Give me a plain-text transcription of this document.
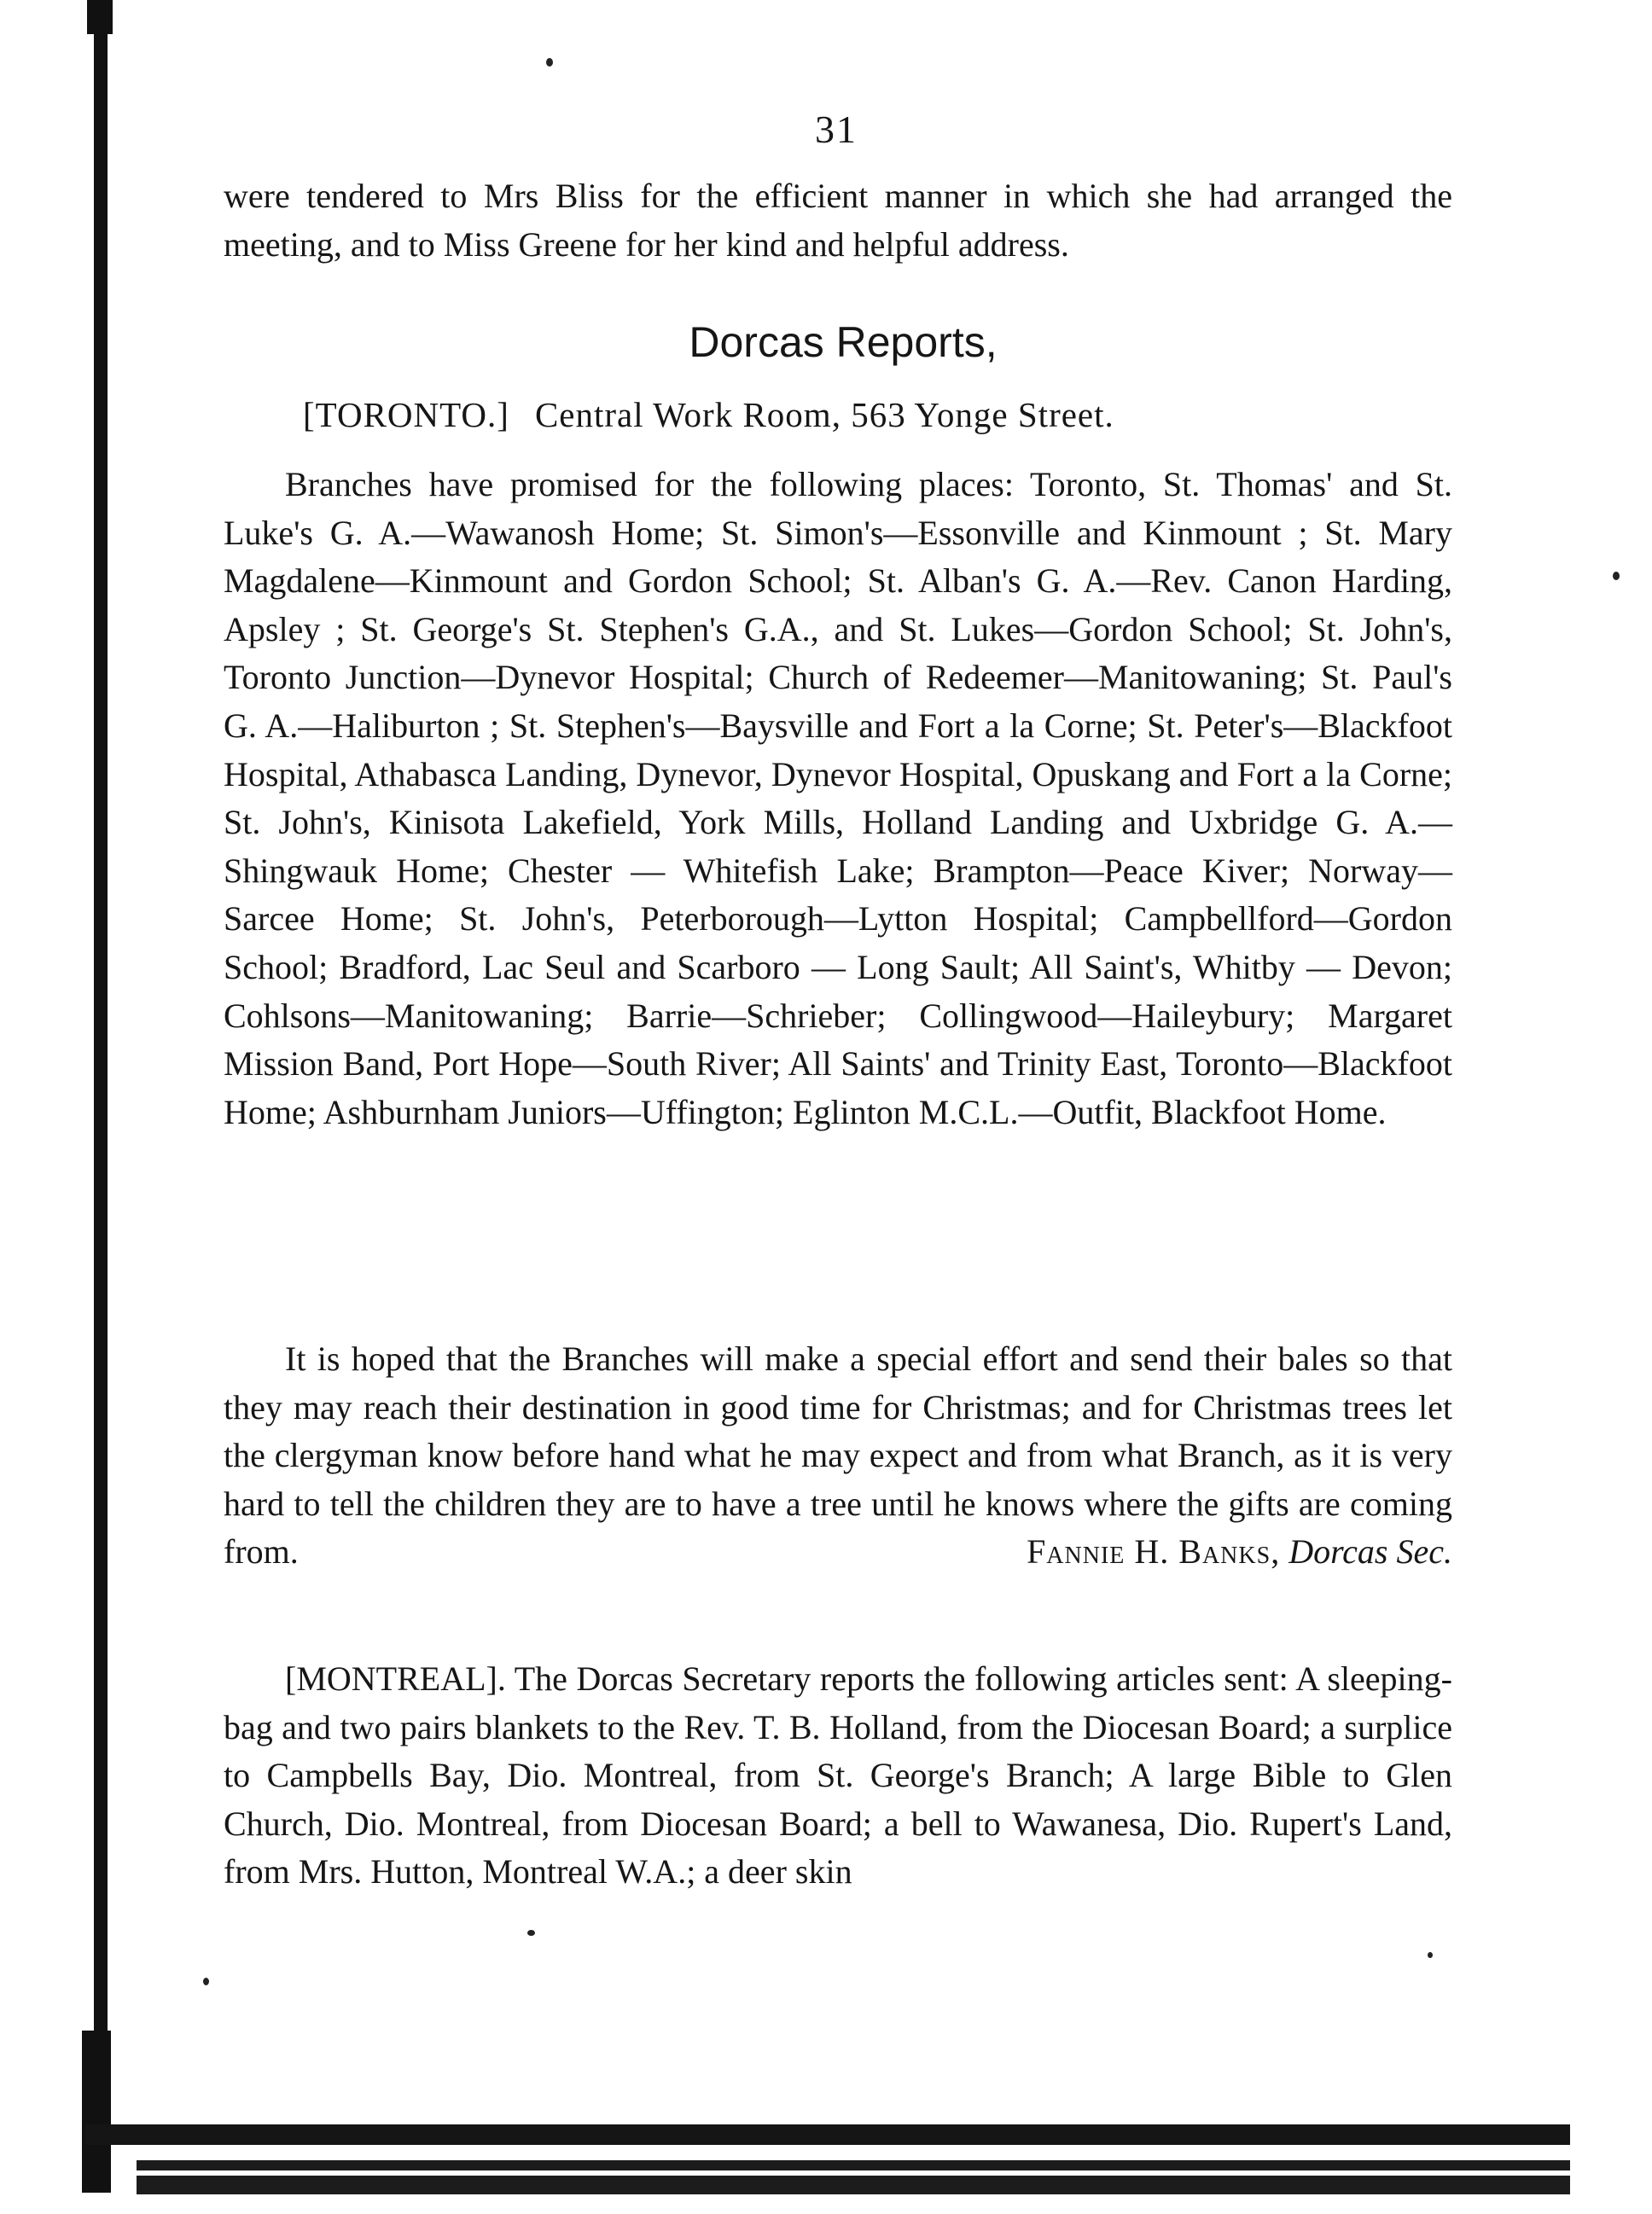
31
were tendered to Mrs Bliss for the efficient manner in which she had arranged the meeting, and to Miss Greene for her kind and helpful address.
Dorcas Reports,
[TORONTO.] Central Work Room, 563 Yonge Street.
Branches have promised for the following places: Toronto, St. Thomas' and St. Luke's G. A.—Wawanosh Home; St. Simon's—Essonville and Kinmount ; St. Mary Magdalene—Kinmount and Gordon School; St. Alban's G. A.—Rev. Canon Harding, Apsley ; St. George's St. Stephen's G.A., and St. Lukes—Gordon School; St. John's, Toronto Junction—Dynevor Hospital; Church of Redeemer—Manitowaning; St. Paul's G. A.—Haliburton ; St. Stephen's—Baysville and Fort a la Corne; St. Peter's—Blackfoot Hospital, Athabasca Landing, Dynevor, Dynevor Hospital, Opuskang and Fort a la Corne; St. John's, Kinisota Lakefield, York Mills, Holland Landing and Uxbridge G. A.—Shingwauk Home; Chester — Whitefish Lake; Brampton—Peace Kiver; Norway—Sarcee Home; St. John's, Peterborough—Lytton Hospital; Campbellford—Gordon School; Bradford, Lac Seul and Scarboro — Long Sault; All Saint's, Whitby — Devon; Cohlsons—Manitowaning; Barrie—Schrieber; Collingwood—Haileybury; Margaret Mission Band, Port Hope—South River; All Saints' and Trinity East, Toronto—Blackfoot Home; Ashburnham Juniors—Uffington; Eglinton M.C.L.—Outfit, Blackfoot Home.
It is hoped that the Branches will make a special effort and send their bales so that they may reach their destination in good time for Christmas; and for Christmas trees let the clergyman know before hand what he may expect and from what Branch, as it is very hard to tell the children they are to have a tree until he knows where the gifts are coming from.	Fannie H. Banks, Dorcas Sec.
[MONTREAL]. The Dorcas Secretary reports the following articles sent: A sleeping-bag and two pairs blankets to the Rev. T. B. Holland, from the Diocesan Board; a surplice to Campbells Bay, Dio. Montreal, from St. George's Branch; A large Bible to Glen Church, Dio. Montreal, from Diocesan Board; a bell to Wawanesa, Dio. Rupert's Land, from Mrs. Hutton, Montreal W.A.; a deer skin
